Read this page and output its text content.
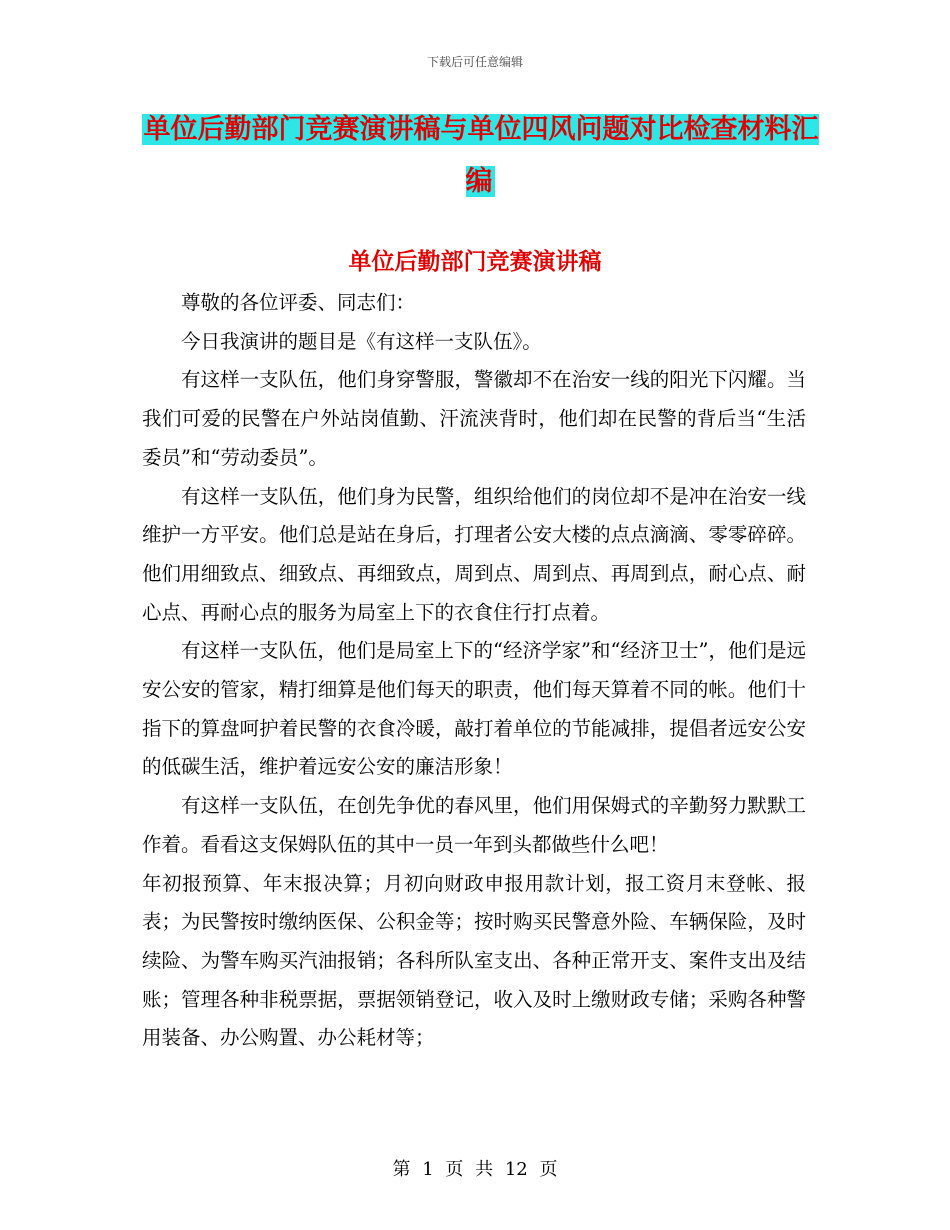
下载后可任意编辑
单位后勤部门竞赛演讲稿与单位四风问题对比检查材料汇编
单位后勤部门竞赛演讲稿

尊敬的各位评委、同志们：

今日我演讲的题目是《有这样一支队伍》。

有这样一支队伍，他们身穿警服，警徽却不在治安一线的阳光下闪耀。当我们可爱的民警在户外站岗值勤、汗流浃背时，他们却在民警的背后当“生活委员”和“劳动委员”。

有这样一支队伍，他们身为民警，组织给他们的岗位却不是冲在治安一线维护一方平安。他们总是站在身后，打理者公安大楼的点点滴滴、零零碎碎。他们用细致点、细致点、再细致点，周到点、周到点、再周到点，耐心点、耐心点、再耐心点的服务为局室上下的衣食住行打点着。

有这样一支队伍，他们是局室上下的“经济学家”和“经济卫士”，他们是远安公安的管家，精打细算是他们每天的职责，他们每天算着不同的帐。他们十指下的算盘呵护着民警的衣食冷暖，敲打着单位的节能减排，提倡者远安公安的低碳生活，维护着远安公安的廉洁形象！

有这样一支队伍，在创先争优的春风里，他们用保姆式的辛勤努力默默工作着。看看这支保姆队伍的其中一员一年到头都做些什么吧！

年初报预算、年末报决算；月初向财政申报用款计划，报工资月末登帐、报表；为民警按时缴纳医保、公积金等；按时购买民警意外险、车辆保险，及时续险、为警车购买汽油报销；各科所队室支出、各种正常开支、案件支出及结账；管理各种非税票据，票据领销登记，收入及时上缴财政专储；采购各种警用装备、办公购置、办公耗材等；

第 1 页 共 12 页
